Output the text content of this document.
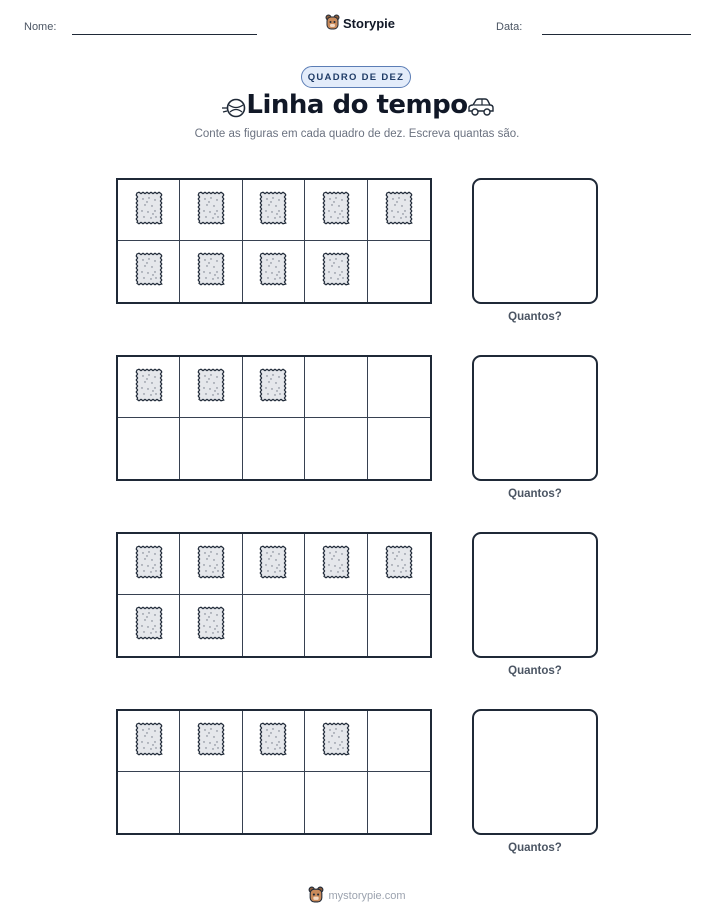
Nome:	Storypie	Data:
QUADRO DE DEZ
Linha do tempo
Conte as figuras em cada quadro de dez. Escreva quantas são.
Quantos?
Quantos?
Quantos?
Quantos?
mystorypie.com
